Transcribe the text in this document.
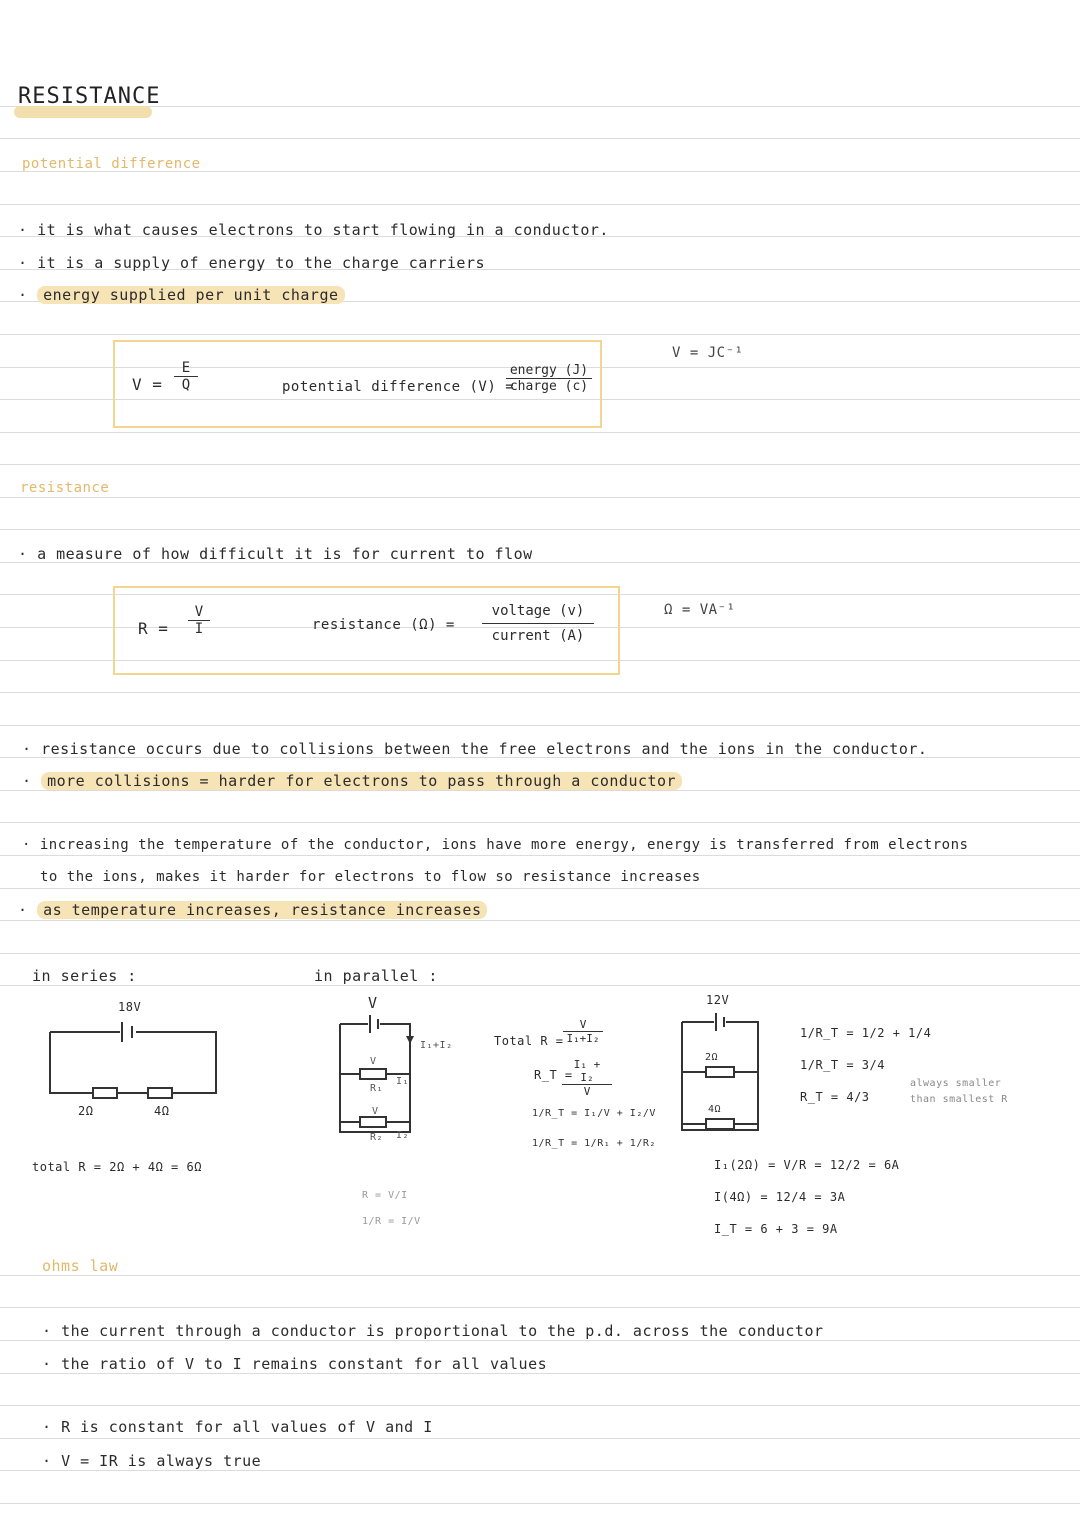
RESISTANCE
potential difference
· it is what causes electrons to start flowing in a conductor.
· it is a supply of energy to the charge carriers
· energy supplied per unit charge
$V = \frac{E}{Q}$	potential difference (V) =
energy (J)
charge (c)
V = JC⁻¹
resistance
· a measure of how difficult it is for current to flow
$R = \frac{V}{I}$	resistance (Ω) =
voltage (v)
current (A)
Ω = VA⁻¹
· resistance occurs due to collisions between the free electrons and the ions in the conductor.
· more collisions = harder for electrons to pass through a conductor
· increasing the temperature of the conductor, ions have more energy, energy is transferred from electrons
to the ions, makes it harder for electrons to flow so resistance increases
· as temperature increases, resistance increases
in series :
18V
2Ω	4Ω
total R = 2Ω + 4Ω = 6Ω
in parallel :
V
I₁+I₂
V
R₁
I₁
V
R₂ I₂
Total $R = \frac{V}{\text{I₁+I₂}}$
R_T =
$\frac{\text{I₁ + I₂}}{V}$
1/R_T = I₁/V + I₂/V
1/R_T = 1/R₁ + 1/R₂
R = V/I
1/R = I/V
12V
2Ω
4Ω
1/R_T = 1/2 + 1/4
1/R_T = 3/4
R_T = 4/3
always smaller
than smallest R
I₁(2Ω) = V/R = 12/2 = 6A
I(4Ω) = 12/4 = 3A
I_T = 6 + 3 = 9A
ohms law
· the current through a conductor is proportional to the p.d. across the conductor
· the ratio of V to I remains constant for all values
· R is constant for all values of V and I
· V = IR is always true
